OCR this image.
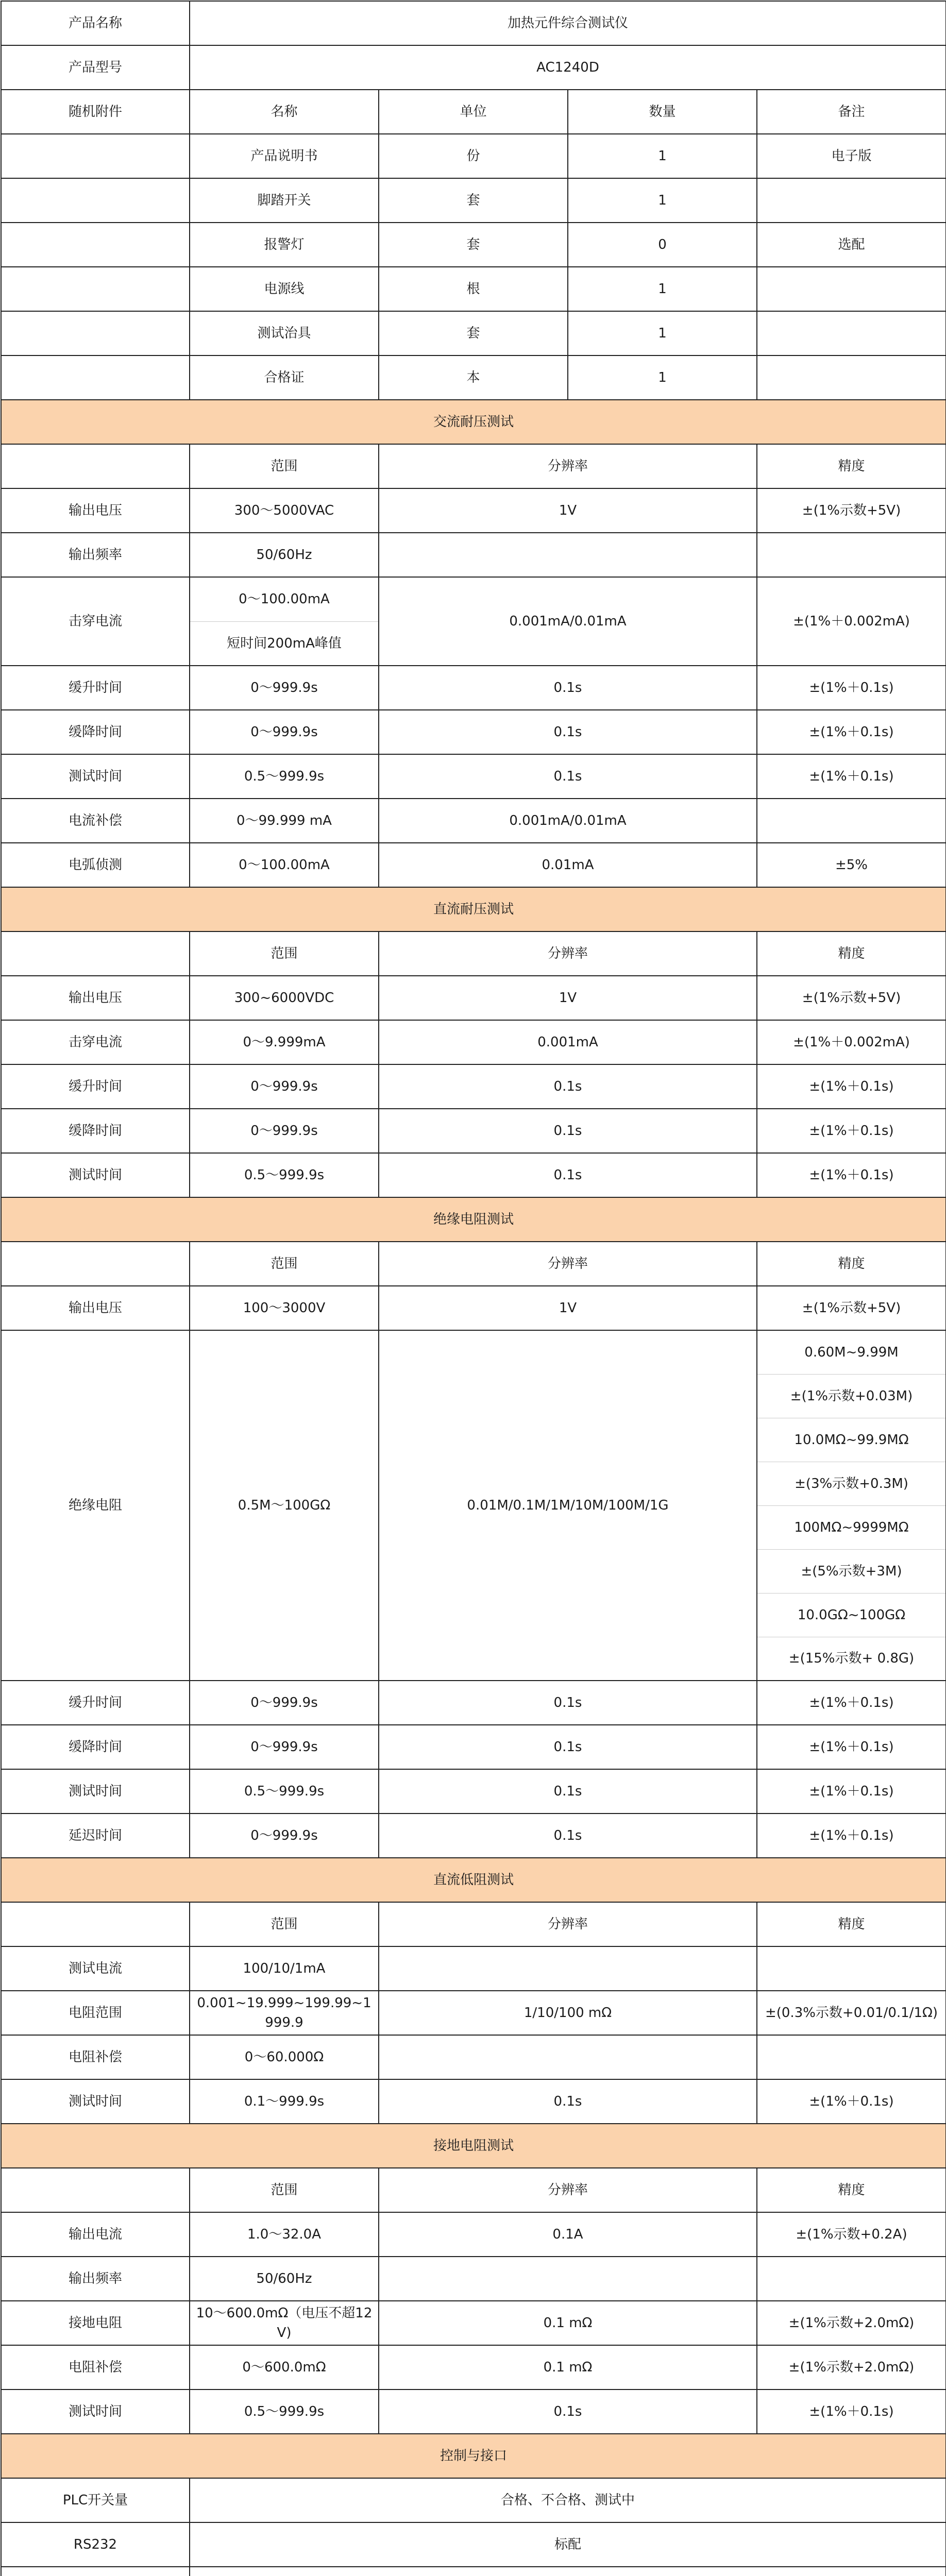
产品名称	加热元件综合测试仪			
产品型号	AC1240D			
随机附件	名称	单位	数量	备注
	产品说明书	份	1	电子版
	脚踏开关	套	1	
	报警灯	套	0	选配
	电源线	根	1	
	测试治具	套	1	
	合格证	本	1	
交流耐压测试				
	范围	分辨率		精度
输出电压	300～5000VAC	1V		±(1%示数+5V)
输出频率	50/60Hz			
击穿电流	0～100.00mA	0.001mA/0.01mA		±(1%＋0.002mA)
	短时间200mA峰值			
缓升时间	0～999.9s	0.1s		±(1%＋0.1s)
缓降时间	0～999.9s	0.1s		±(1%＋0.1s)
测试时间	0.5～999.9s	0.1s		±(1%＋0.1s)
电流补偿	0～99.999 mA	0.001mA/0.01mA		
电弧侦测	0～100.00mA	0.01mA		±5%
直流耐压测试				
	范围	分辨率		精度
输出电压	300~6000VDC	1V		±(1%示数+5V)
击穿电流	0～9.999mA	0.001mA		±(1%＋0.002mA)
缓升时间	0～999.9s	0.1s		±(1%＋0.1s)
缓降时间	0～999.9s	0.1s		±(1%＋0.1s)
测试时间	0.5～999.9s	0.1s		±(1%＋0.1s)
绝缘电阻测试				
	范围	分辨率		精度
输出电压	100～3000V	1V		±(1%示数+5V)
绝缘电阻	0.5M～100GΩ	0.01M/0.1M/1M/10M/100M/1G		0.60M~9.99M
				±(1%示数+0.03M)
				10.0MΩ~99.9MΩ
				±(3%示数+0.3M)
				100MΩ~9999MΩ
				±(5%示数+3M)
				10.0GΩ~100GΩ
				±(15%示数+ 0.8G)
缓升时间	0～999.9s	0.1s		±(1%＋0.1s)
缓降时间	0～999.9s	0.1s		±(1%＋0.1s)
测试时间	0.5～999.9s	0.1s		±(1%＋0.1s)
延迟时间	0～999.9s	0.1s		±(1%＋0.1s)
直流低阻测试				
	范围	分辨率		精度
测试电流	100/10/1mA			
电阻范围	0.001~19.999~199.99~1999.9	1/10/100 mΩ		±(0.3%示数+0.01/0.1/1Ω)
电阻补偿	0～60.000Ω			
测试时间	0.1～999.9s	0.1s		±(1%＋0.1s)
接地电阻测试				
	范围	分辨率		精度
输出电流	1.0～32.0A	0.1A		±(1%示数+0.2A)
输出频率	50/60Hz			
接地电阻	10～600.0mΩ（电压不超12V)	0.1 mΩ		±(1%示数+2.0mΩ)
电阻补偿	0～600.0mΩ	0.1 mΩ		±(1%示数+2.0mΩ)
测试时间	0.5～999.9s	0.1s		±(1%＋0.1s)
控制与接口				
PLC开关量	合格、不合格、测试中			
RS232	标配			
